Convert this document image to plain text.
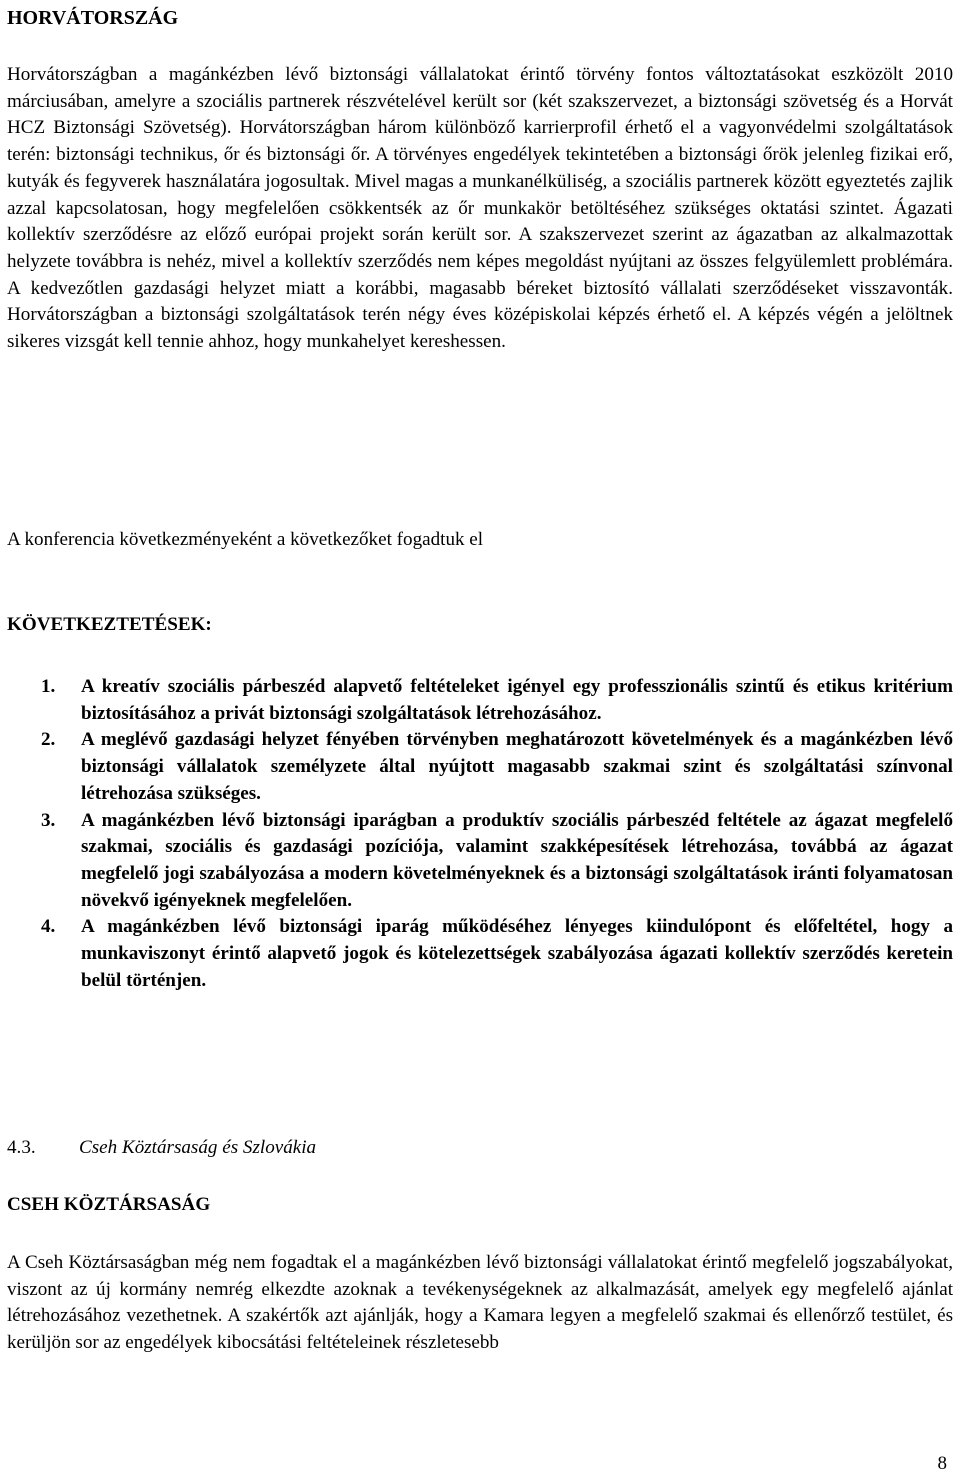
HORVÁTORSZÁG

Horvátországban a magánkézben lévő biztonsági vállalatokat érintő törvény fontos változtatásokat eszközölt 2010 márciusában, amelyre a szociális partnerek részvételével került sor (két szakszervezet, a biztonsági szövetség és a Horvát HCZ Biztonsági Szövetség). Horvátországban három különböző karrierprofil érhető el a vagyonvédelmi szolgáltatások terén: biztonsági technikus, őr és biztonsági őr. A törvényes engedélyek tekintetében a biztonsági őrök jelenleg fizikai erő, kutyák és fegyverek használatára jogosultak. Mivel magas a munkanélküliség, a szociális partnerek között egyeztetés zajlik azzal kapcsolatosan, hogy megfelelően csökkentsék az őr munkakör betöltéséhez szükséges oktatási szintet. Ágazati kollektív szerződésre az előző európai projekt során került sor. A szakszervezet szerint az ágazatban az alkalmazottak helyzete továbbra is nehéz, mivel a kollektív szerződés nem képes megoldást nyújtani az összes felgyülemlett problémára. A kedvezőtlen gazdasági helyzet miatt a korábbi, magasabb béreket biztosító vállalati szerződéseket visszavonták. Horvátországban a biztonsági szolgáltatások terén négy éves középiskolai képzés érhető el. A képzés végén a jelöltnek sikeres vizsgát kell tennie ahhoz, hogy munkahelyet kereshessen.

A konferencia következményeként a következőket fogadtuk el

KÖVETKEZTETÉSEK:

1. A kreatív szociális párbeszéd alapvető feltételeket igényel egy professzionális szintű és etikus kritérium biztosításához a privát biztonsági szolgáltatások létrehozásához.
2. A meglévő gazdasági helyzet fényében törvényben meghatározott követelmények és a magánkézben lévő biztonsági vállalatok személyzete által nyújtott magasabb szakmai szint és szolgáltatási színvonal létrehozása szükséges.
3. A magánkézben lévő biztonsági iparágban a produktív szociális párbeszéd feltétele az ágazat megfelelő szakmai, szociális és gazdasági pozíciója, valamint szakképesítések létrehozása, továbbá az ágazat megfelelő jogi szabályozása a modern követelményeknek és a biztonsági szolgáltatások iránti folyamatosan növekvő igényeknek megfelelően.
4. A magánkézben lévő biztonsági iparág működéséhez lényeges kiindulópont és előfeltétel, hogy a munkaviszonyt érintő alapvető jogok és kötelezettségek szabályozása ágazati kollektív szerződés keretein belül történjen.

4.3. Cseh Köztársaság és Szlovákia

CSEH KÖZTÁRSASÁG

A Cseh Köztársaságban még nem fogadtak el a magánkézben lévő biztonsági vállalatokat érintő megfelelő jogszabályokat, viszont az új kormány nemrég elkezdte azoknak a tevékenységeknek az alkalmazását, amelyek egy megfelelő ajánlat létrehozásához vezethetnek. A szakértők azt ajánlják, hogy a Kamara legyen a megfelelő szakmai és ellenőrző testület, és kerüljön sor az engedélyek kibocsátási feltételeinek részletesebb

8
